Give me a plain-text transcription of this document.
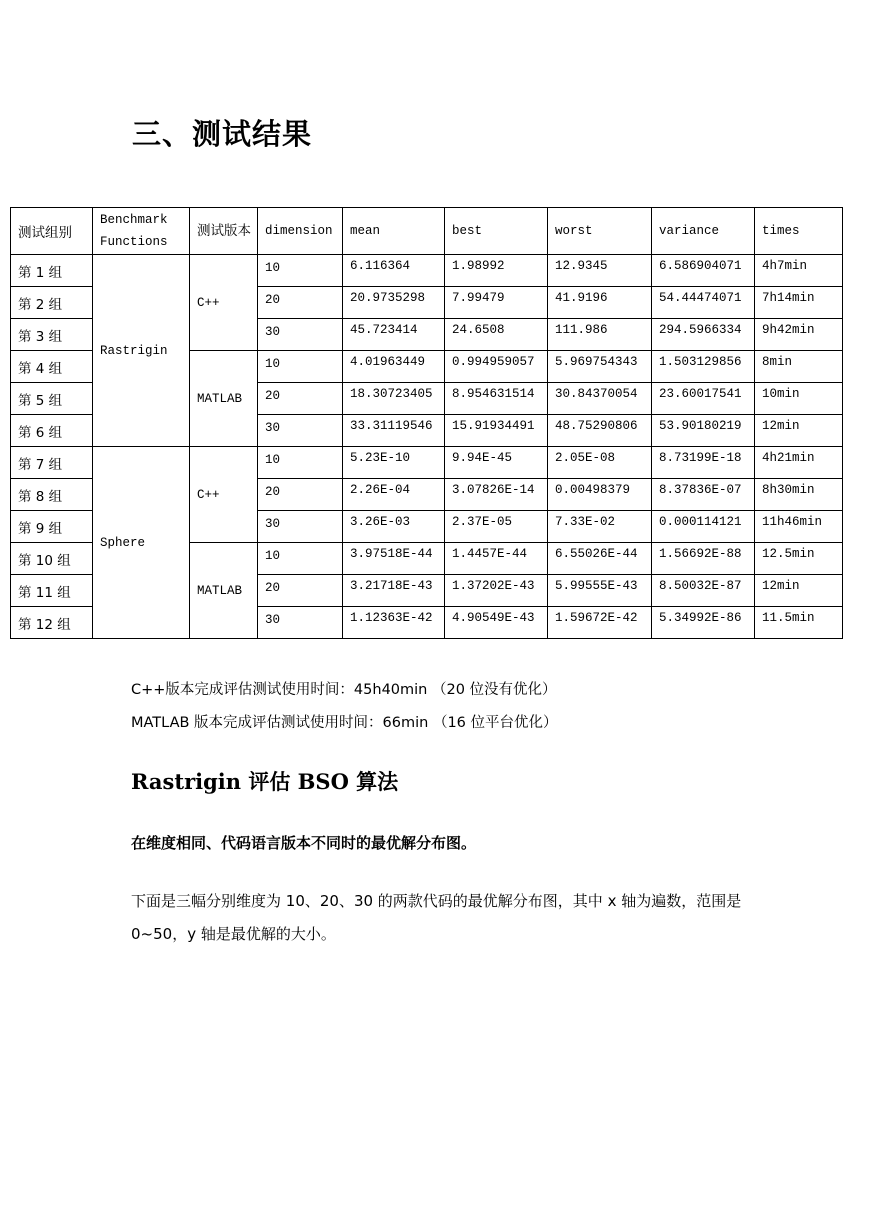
三、测试结果
测试组别	Benchmark Functions	测试版本	dimension	mean	best	worst	variance	times
第 1 组	Rastrigin	C++	10	6.116364	1.98992	12.9345	6.586904071	4h7min
第 2 组			20	20.9735298	7.99479	41.9196	54.44474071	7h14min
第 3 组			30	45.723414	24.6508	111.986	294.5966334	9h42min
第 4 组		MATLAB	10	4.01963449	0.994959057	5.969754343	1.503129856	8min
第 5 组			20	18.30723405	8.954631514	30.84370054	23.60017541	10min
第 6 组			30	33.31119546	15.91934491	48.75290806	53.90180219	12min
第 7 组	Sphere	C++	10	5.23E-10	9.94E-45	2.05E-08	8.73199E-18	4h21min
第 8 组			20	2.26E-04	3.07826E-14	0.00498379	8.37836E-07	8h30min
第 9 组			30	3.26E-03	2.37E-05	7.33E-02	0.000114121	11h46min
第 10 组		MATLAB	10	3.97518E-44	1.4457E-44	6.55026E-44	1.56692E-88	12.5min
第 11 组			20	3.21718E-43	1.37202E-43	5.99555E-43	8.50032E-87	12min
第 12 组			30	1.12363E-42	4.90549E-43	1.59672E-42	5.34992E-86	11.5min
C++版本完成评估测试使用时间：45h40min （20 位没有优化）
MATLAB 版本完成评估测试使用时间：66min （16 位平台优化）
Rastrigin 评估 BSO 算法
在维度相同、代码语言版本不同时的最优解分布图。
下面是三幅分别维度为 10、20、30 的两款代码的最优解分布图，其中 x 轴为遍数，范围是 0~50，y 轴是最优解的大小。
